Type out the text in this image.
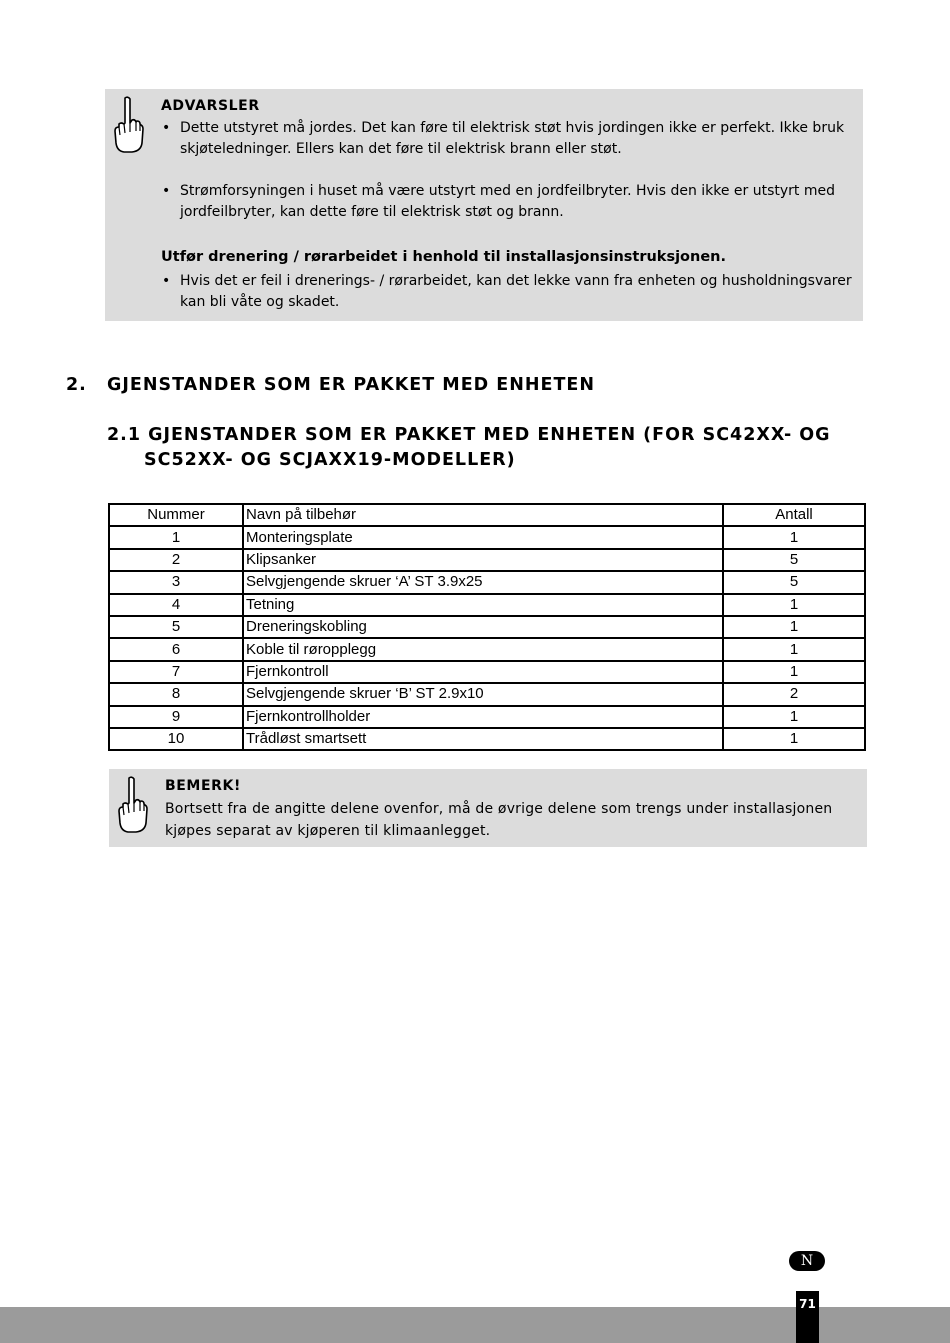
ADVARSLER
• Dette utstyret må jordes. Det kan føre til elektrisk støt hvis jordingen ikke er perfekt. Ikke bruk skjøteledninger. Ellers kan det føre til elektrisk brann eller støt.
• Strømforsyningen i huset må være utstyrt med en jordfeilbryter. Hvis den ikke er utstyrt med jordfeilbryter, kan dette føre til elektrisk støt og brann.
Utfør drenering / rørarbeidet i henhold til installasjonsinstruksjonen.
• Hvis det er feil i drenerings- / rørarbeidet, kan det lekke vann fra enheten og husholdningsvarer kan bli våte og skadet.
2. GJENSTANDER SOM ER PAKKET MED ENHETEN
2.1 GJENSTANDER SOM ER PAKKET MED ENHETEN (FOR SC42XX- OG
SC52XX- OG SCJAXX19-MODELLER)
Nummer	Navn på tilbehør	Antall
1	Monteringsplate	1
2	Klipsanker	5
3	Selvgjengende skruer ‘A’ ST 3.9x25	5
4	Tetning	1
5	Dreneringskobling	1
6	Koble til røropplegg	1
7	Fjernkontroll	1
8	Selvgjengende skruer ‘B’ ST 2.9x10	2
9	Fjernkontrollholder	1
10	Trådløst smartsett	1
BEMERK!
Bortsett fra de angitte delene ovenfor, må de øvrige delene som trengs under installasjonen kjøpes separat av kjøperen til klimaanlegget.
N
71
